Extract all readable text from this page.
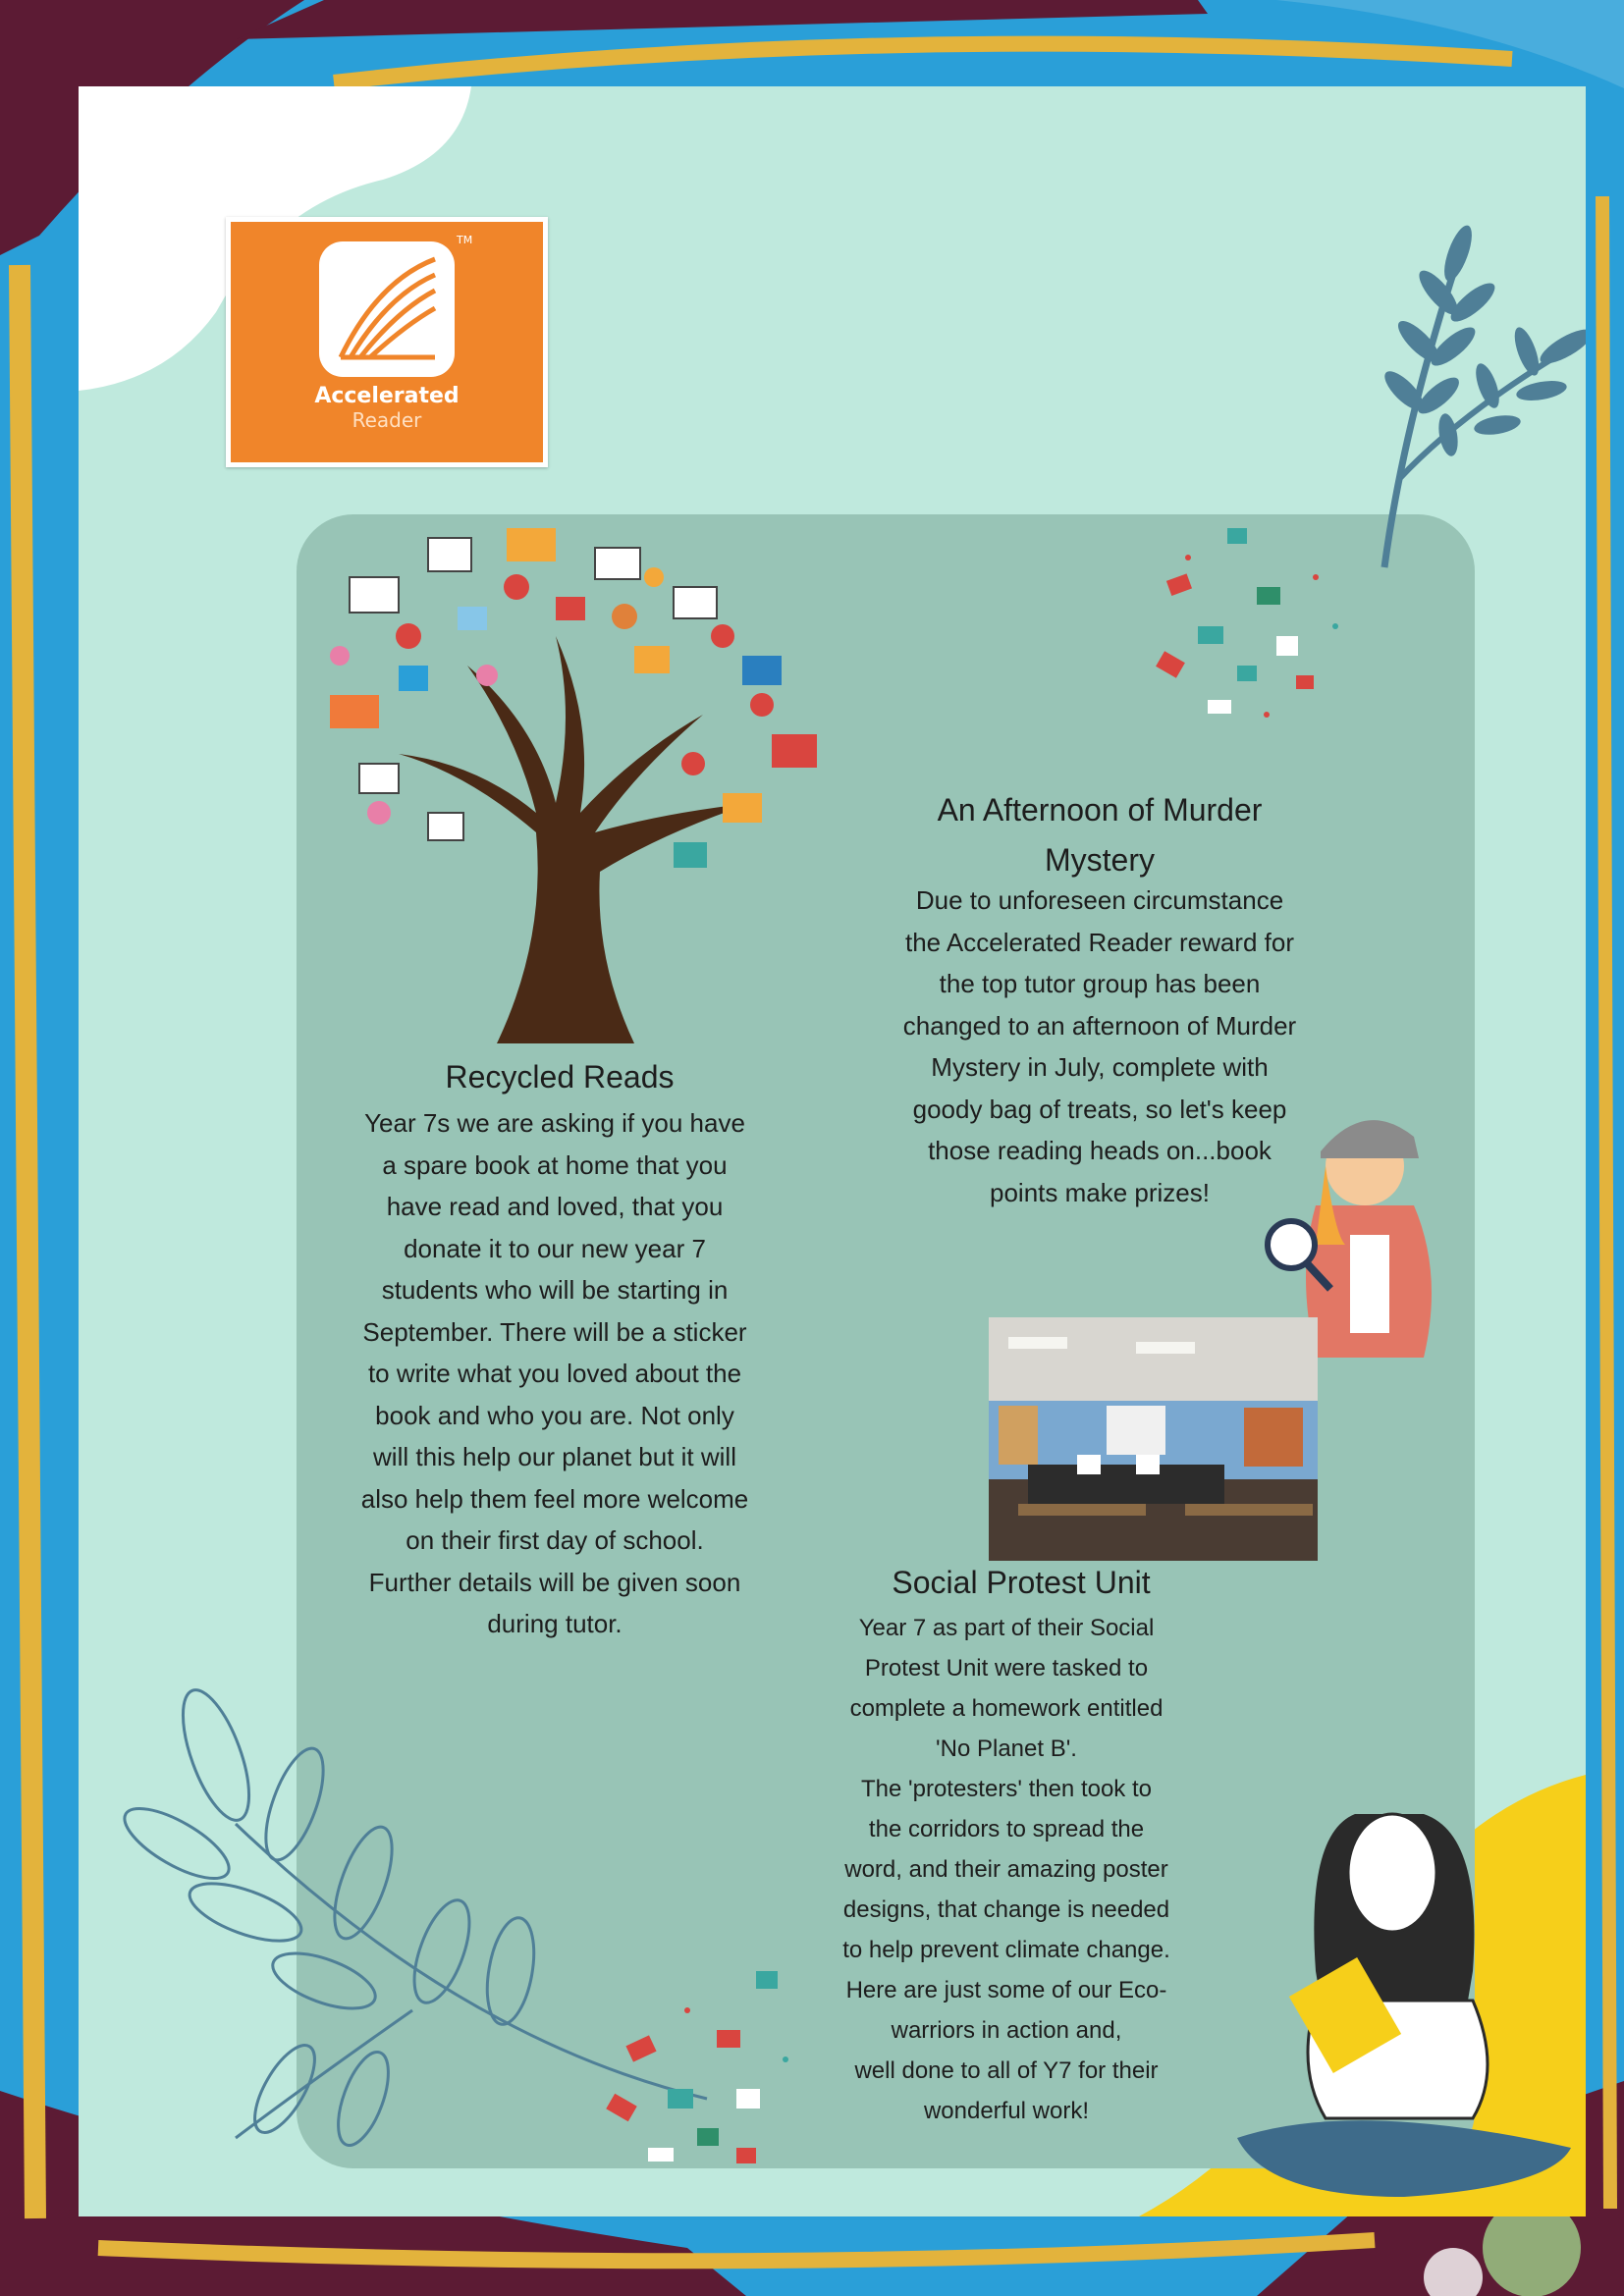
TM
Accelerated
Reader
An Afternoon of Murder
Mystery
Due to unforeseen circumstance
the Accelerated Reader reward for
the top tutor group has been
changed to an afternoon of Murder
Mystery in July, complete with
goody bag of treats, so let's keep
those reading heads on...book
points make prizes!
Recycled Reads
Year 7s we are asking if you have
a spare book at home that you
have read and loved, that you
donate it to our new year 7
students who will be starting in
September. There will be a sticker
to write what you loved about the
book and who you are. Not only
will this help our planet but it will
also help them feel more welcome
on their first day of school.
Further details will be given soon
during tutor.
Social Protest Unit
Year 7 as part of their Social
Protest Unit were tasked to
complete a homework entitled
'No Planet B'.
The 'protesters' then took to
the corridors to spread the
word, and their amazing poster
designs, that change is needed
to help prevent climate change.
Here are just some of our Eco-
warriors in action and,
well done to all of Y7 for their
wonderful work!
